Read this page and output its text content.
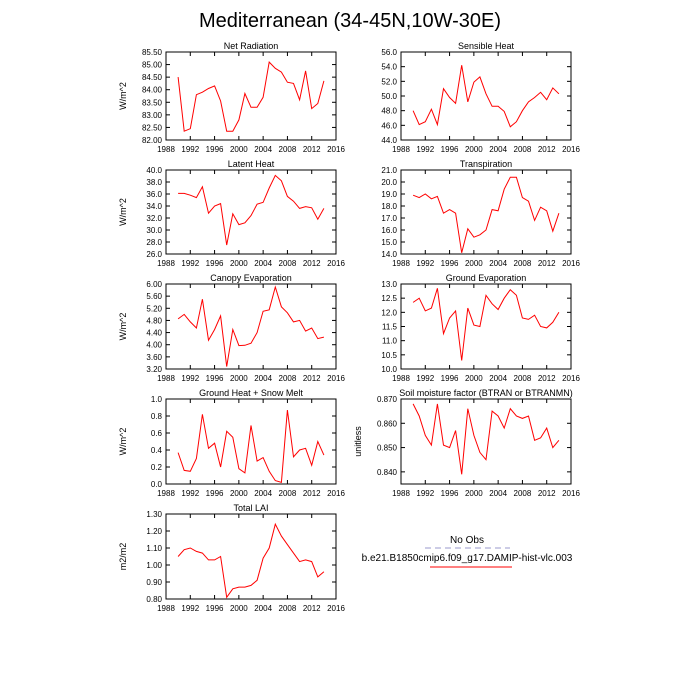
Mediterranean (34-45N,10W-30E)
Net Radiation
1988 1992 1996 2000 2004 2008 2012 2016
82.00
82.50
83.00
83.50
84.00
84.50
85.00
85.50
W/m^2
Sensible Heat
1988 1992 1996 2000 2004 2008 2012 2016
44.0
46.0
48.0
50.0
52.0
54.0
56.0
Latent Heat
1988 1992 1996 2000 2004 2008 2012 2016
26.0
28.0
30.0
32.0
34.0
36.0
38.0
40.0
W/m^2
Transpiration
1988 1992 1996 2000 2004 2008 2012 2016
14.0
15.0
16.0
17.0
18.0
19.0
20.0
21.0
Canopy Evaporation
1988 1992 1996 2000 2004 2008 2012 2016
3.20
3.60
4.00
4.40
4.80
5.20
5.60
6.00
W/m^2
Ground Evaporation
1988 1992 1996 2000 2004 2008 2012 2016
10.0
10.5
11.0
11.5
12.0
12.5
13.0
Ground Heat + Snow Melt
1988 1992 1996 2000 2004 2008 2012 2016
0.0
0.2
0.4
0.6
0.8
1.0
W/m^2
Soil moisture factor (BTRAN or BTRANMN)
1988 1992 1996 2000 2004 2008 2012 2016
0.840
0.850
0.860
0.870
unitless
Total LAI
1988 1992 1996 2000 2004 2008 2012 2016
0.80
0.90
1.00
1.10
1.20
1.30
m2/m2
No Obs
b.e21.B1850cmip6.f09_g17.DAMIP-hist-vlc.003
